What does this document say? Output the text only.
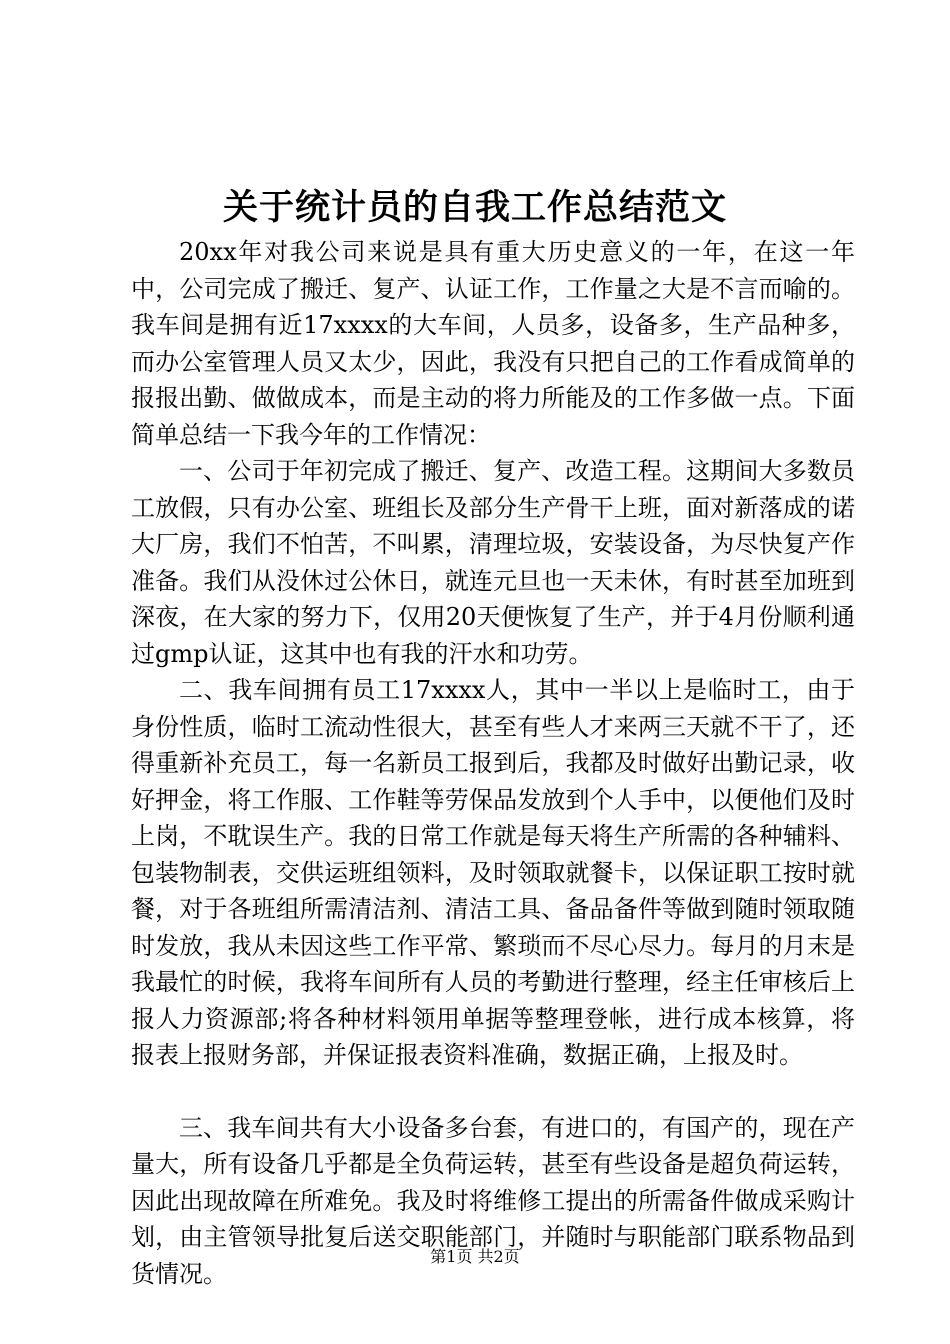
关于统计员的自我工作总结范文

20xx年对我公司来说是具有重大历史意义的一年，在这一年中，公司完成了搬迁、复产、认证工作，工作量之大是不言而喻的。我车间是拥有近17xxxx的大车间，人员多，设备多，生产品种多，而办公室管理人员又太少，因此，我没有只把自己的工作看成简单的报报出勤、做做成本，而是主动的将力所能及的工作多做一点。下面简单总结一下我今年的工作情况：

一、公司于年初完成了搬迁、复产、改造工程。这期间大多数员工放假，只有办公室、班组长及部分生产骨干上班，面对新落成的诺大厂房，我们不怕苦，不叫累，清理垃圾，安装设备，为尽快复产作准备。我们从没休过公休日，就连元旦也一天未休，有时甚至加班到深夜，在大家的努力下，仅用20天便恢复了生产，并于4月份顺利通过gmp认证，这其中也有我的汗水和功劳。

二、我车间拥有员工17xxxx人，其中一半以上是临时工，由于身份性质，临时工流动性很大，甚至有些人才来两三天就不干了，还得重新补充员工，每一名新员工报到后，我都及时做好出勤记录，收好押金，将工作服、工作鞋等劳保品发放到个人手中，以便他们及时上岗，不耽误生产。我的日常工作就是每天将生产所需的各种辅料、包装物制表，交供运班组领料，及时领取就餐卡，以保证职工按时就餐，对于各班组所需清洁剂、清洁工具、备品备件等做到随时领取随时发放，我从未因这些工作平常、繁琐而不尽心尽力。每月的月末是我最忙的时候，我将车间所有人员的考勤进行整理，经主任审核后上报人力资源部;将各种材料领用单据等整理登帐，进行成本核算，将报表上报财务部，并保证报表资料准确，数据正确，上报及时。

三、我车间共有大小设备多台套，有进口的，有国产的，现在产量大，所有设备几乎都是全负荷运转，甚至有些设备是超负荷运转，因此出现故障在所难免。我及时将维修工提出的所需备件做成采购计划，由主管领导批复后送交职能部门，并随时与职能部门联系物品到货情况。

第1页 共2页
